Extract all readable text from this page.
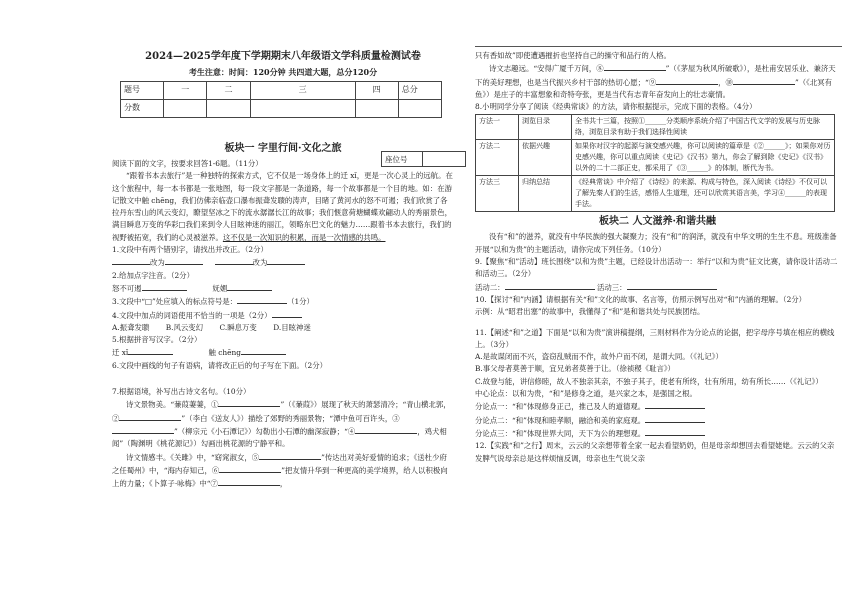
2024—2025学年度下学期期末八年级语文学科质量检测试卷
考生注意：时间：120分钟 共四道大题，总分120分
题号	一	二	三	四	总分
分数					
板块一 字里行间·文化之旅

阅读下面的文字，按要求回答1-6题。（11分）

“跟着书本去旅行”是一种独特的探索方式，它不仅是一场身体上的迁 xǐ，更是一次心灵上的远航。在这个旅程中，每一本书都是一张地图，每一段文字都是一条道路，每一个故事都是一个目的地。如：在游记散文中触 chēng，我们仿佛亲临壶口瀑布振聋发聩的涛声，目睹了黄河水的怒不可遏；我们欣赏了各拉丹东雪山的风云变幻，瞭望坚冰之下的流水潺潺长江的故事；我们惬意荷塘蝴蝶欢翩动人的秀丽景色，满目瞬息万变的华彩□我们来到令人目眩神迷的丽江，领略东巴文化的魅力……跟着书本去旅行，我们的视野被拓宽，我们的心灵被滋养。这不仅是一次知识的积累，而是一次情感的共鸣。

1.文段中有两个错别字，请找出并改正。（2分）

改为	改为

2.给加点字注音。（2分）

怒不可遏	妩媚

3.文段中“□”处应填入的标点符号是：	（1分）

4.文段中加点的词语使用不恰当的一项是（2分）

A.振聋发聩 B.风云变幻 C.瞬息万变 D.目眩神迷

5.根据拼音写汉字。（2分）

迁 xǐ	触 chēng

6.文段中画线的句子有语病，请将改正后的句子写在下面。（2分）

7.根据语境，补写出古诗文名句。（10分）

诗文景物美。“蒹葭萋萋，①	”（《蒹葭》）展现了秋天的萧瑟清冷；“青山横北郭，②	”（李白《送友人》）描绘了郊野的秀丽景物；“潭中鱼可百许头，③”（柳宗元《小石潭记》）勾勒出小石潭的幽深寂静；“④	，鸡犬相闻”（陶渊明《桃花源记》）勾画出桃花源的宁静平和。

诗文情感丰。《关雎》中，“窈窕淑女，⑤	”传达出对美好爱情的追求；《送杜少府之任蜀州》中，“海内存知己，⑥	”把友情升华到一种更高的美学境界，给人以积极向上的力量；《卜算子·咏梅》中“⑦	，

座位号	

只有香如故”即使遭遇摧折也坚持自己的操守和品行的人格。

诗文志趣远。“安得广厦千万间，⑧	”（《茅屋为秋风所破歌》），是杜甫安居乐业、兼济天下的美好理想，也是当代振兴乡村干部的热切心愿；“⑨	，⑩	”（《北冥有鱼》）是庄子的丰富想象和奇特夸张，更是当代有志青年奋发向上的壮志豪情。

8.小明同学分享了阅读《经典常谈》的方法，请你根据提示，完成下面的表格。（4分）

方法一	浏览目录	全书共十三篇，按照①______分类顺序系统介绍了中国古代文学的发展与历史脉络，浏览目录有助于我们选择性阅读
方法二	依据兴趣	如果你对汉字的起源与演变感兴趣，你可以阅读的篇章是《②______》；如果你对历史感兴趣，你可以重点阅读《史记》《汉书》第九，你会了解到除《史记》《汉书》以外的二十二部正史，都采用了《③______》的体制，断代为书。
方法三	归纳总结	《经典常谈》中介绍了《诗经》的来源、构成与特色，深入阅读《诗经》不仅可以了解先秦人们的生活，感悟人生道理，还可以欣赏其语言美，学习④______的表现手法。
板块二 人文滋养·和谐共融

没有“和”的滋养，就没有中华民族的强大凝聚力；没有“和”的润泽，就没有中华文明的生生不息。班级准备开展“以和为贵”的主题活动，请你完成下列任务。（10分）

9.【聚焦“和”活动】班长围绕“以和为贵”主题，已经设计出活动一：举行“以和为贵”征文比赛，请你设计活动二和活动三。（2分）

活动二：	活动三：

10.【探讨“和”内涵】请根据有关“和”文化的故事、名言等，仿照示例写出对“和”内涵的理解。（2分）

示例：从“昭君出塞”的故事中，我懂得了“和”是和谐共处与民族团结。

11.【阐述“和”之道】下面是“以和为贵”演讲稿提纲，三则材料作为分论点的论据，把字母序号填在相应的横线上。（3分）

A.是故谋闭而不兴，盗窃乱贼而不作，故外户而不闭，是谓大同。（《礼记》）

B.事父母者莫善于顺，宜兄弟者莫善于让。（徐祯稷《耻言》）

C.故登与能，讲信修睦，故人不独亲其亲，不独子其子，使老有所终，壮有所用，幼有所长……（《礼记》）

中心论点：以和为贵，“和”是修身之道，是兴家之本，是强国之根。

分论点一：“和”体现修身正己，推己及人的道德观。

分论点二：“和”体现和睦孝顺，融洽和美的家庭观。

分论点三：“和”体现世界大同，天下为公的理想观。

12.【实践“和”之行】周末，云云的父亲想带着全家一起去看望奶奶，但是母亲却想回去看望姥姥。云云的父亲发脾气说母亲总是这样烦恼反调，母亲也生气说父亲
